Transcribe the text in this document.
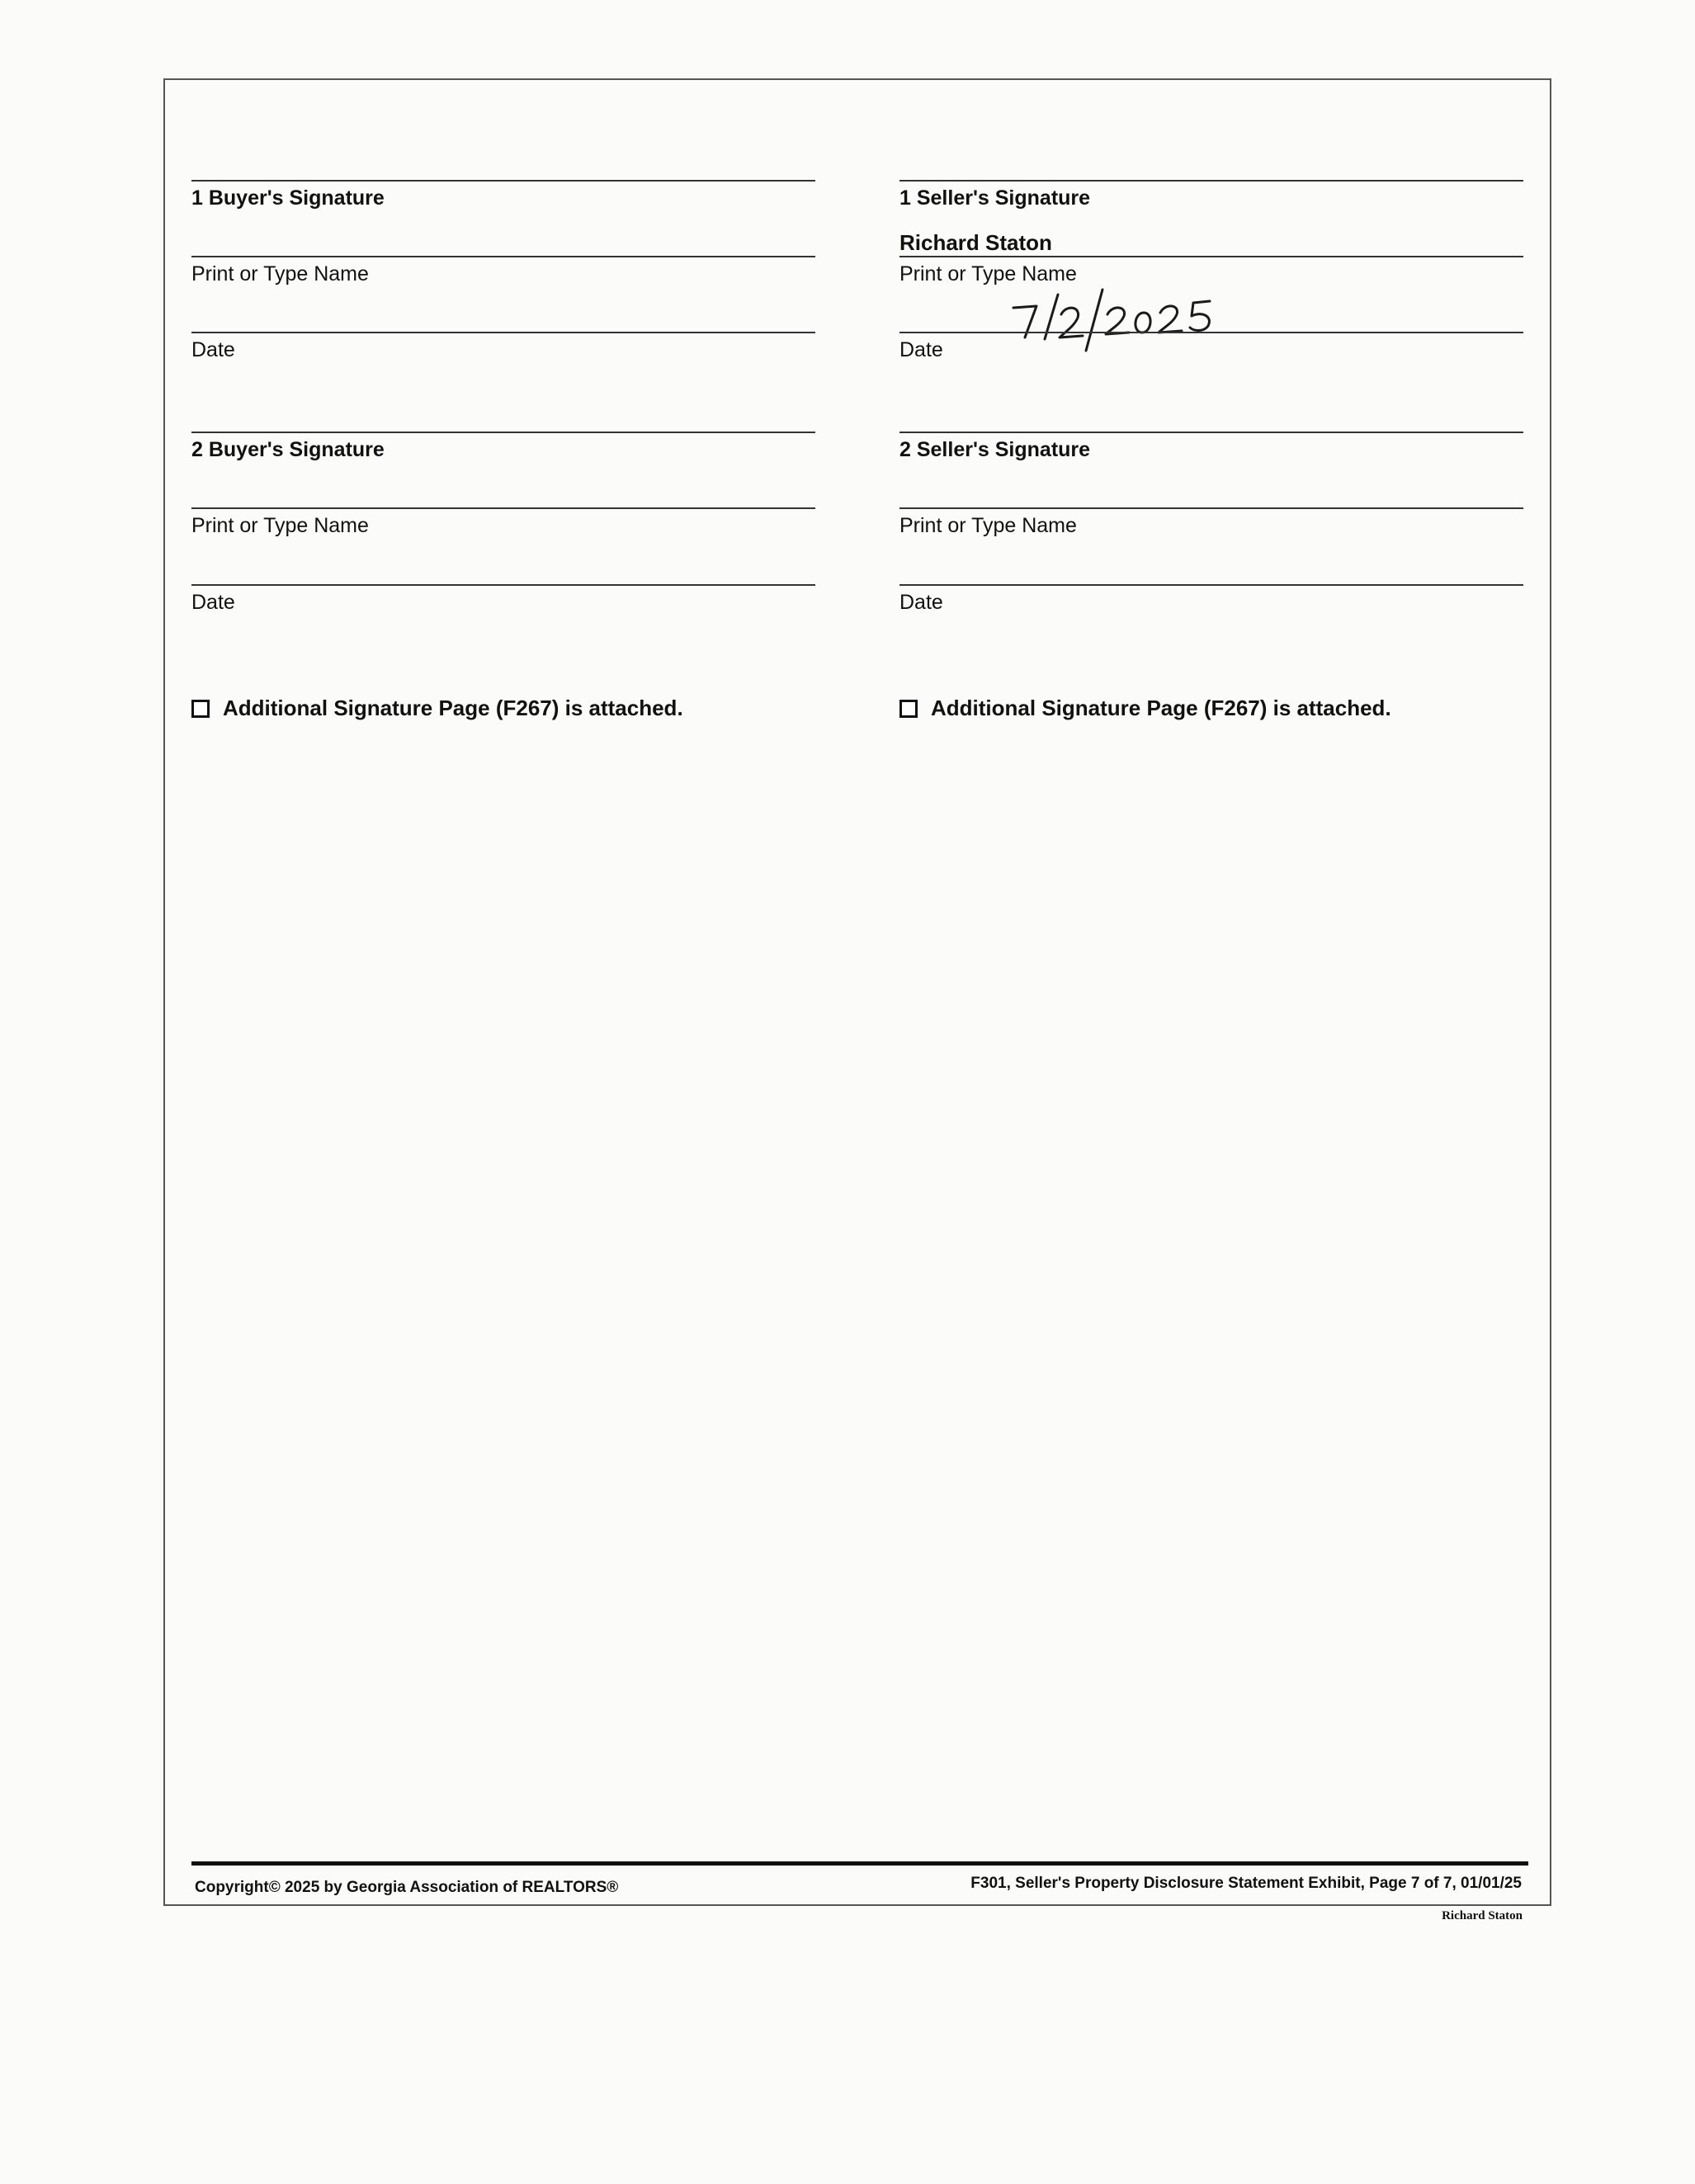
1 Buyer's Signature
Print or Type Name
Date
2 Buyer's Signature
Print or Type Name
Date
Additional Signature Page (F267) is attached.
1 Seller's Signature
Richard Staton
Print or Type Name
Date
2 Seller's Signature
Print or Type Name
Date
Additional Signature Page (F267) is attached.
Copyright© 2025 by Georgia Association of REALTORS®	F301, Seller's Property Disclosure Statement Exhibit, Page 7 of 7, 01/01/25
Richard Staton
